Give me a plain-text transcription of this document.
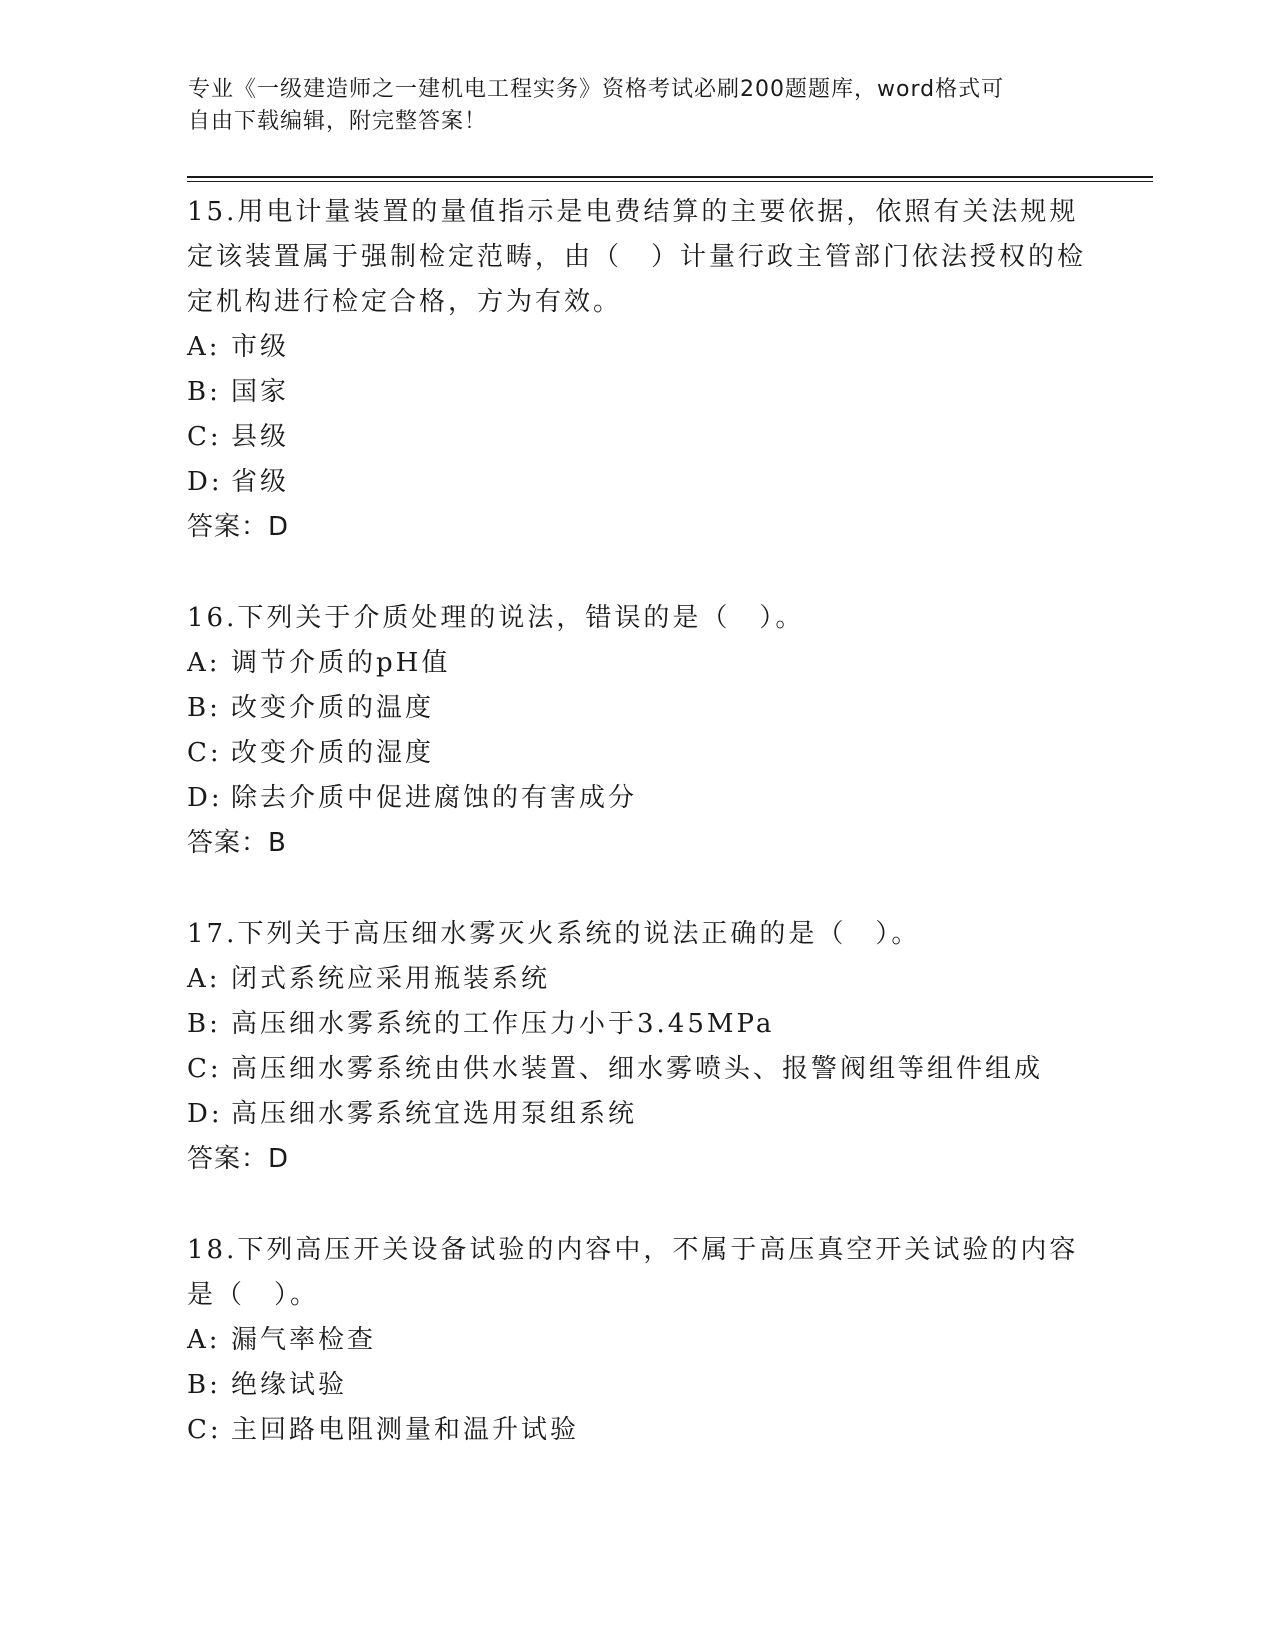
专业《一级建造师之一建机电工程实务》资格考试必刷200题题库，word格式可
自由下载编辑，附完整答案！
15.用电计量装置的量值指示是电费结算的主要依据，依照有关法规规定该装置属于强制检定范畴，由（　）计量行政主管部门依法授权的检定机构进行检定合格，方为有效。
A: 市级
B: 国家
C: 县级
D: 省级
答案：D
16.下列关于介质处理的说法，错误的是（　）。
A: 调节介质的pH值
B: 改变介质的温度
C: 改变介质的湿度
D: 除去介质中促进腐蚀的有害成分
答案：B
17.下列关于高压细水雾灭火系统的说法正确的是（　）。
A: 闭式系统应采用瓶装系统
B: 高压细水雾系统的工作压力小于3.45MPa
C: 高压细水雾系统由供水装置、细水雾喷头、报警阀组等组件组成
D: 高压细水雾系统宜选用泵组系统
答案：D
18.下列高压开关设备试验的内容中，不属于高压真空开关试验的内容是（　）。
A: 漏气率检查
B: 绝缘试验
C: 主回路电阻测量和温升试验
